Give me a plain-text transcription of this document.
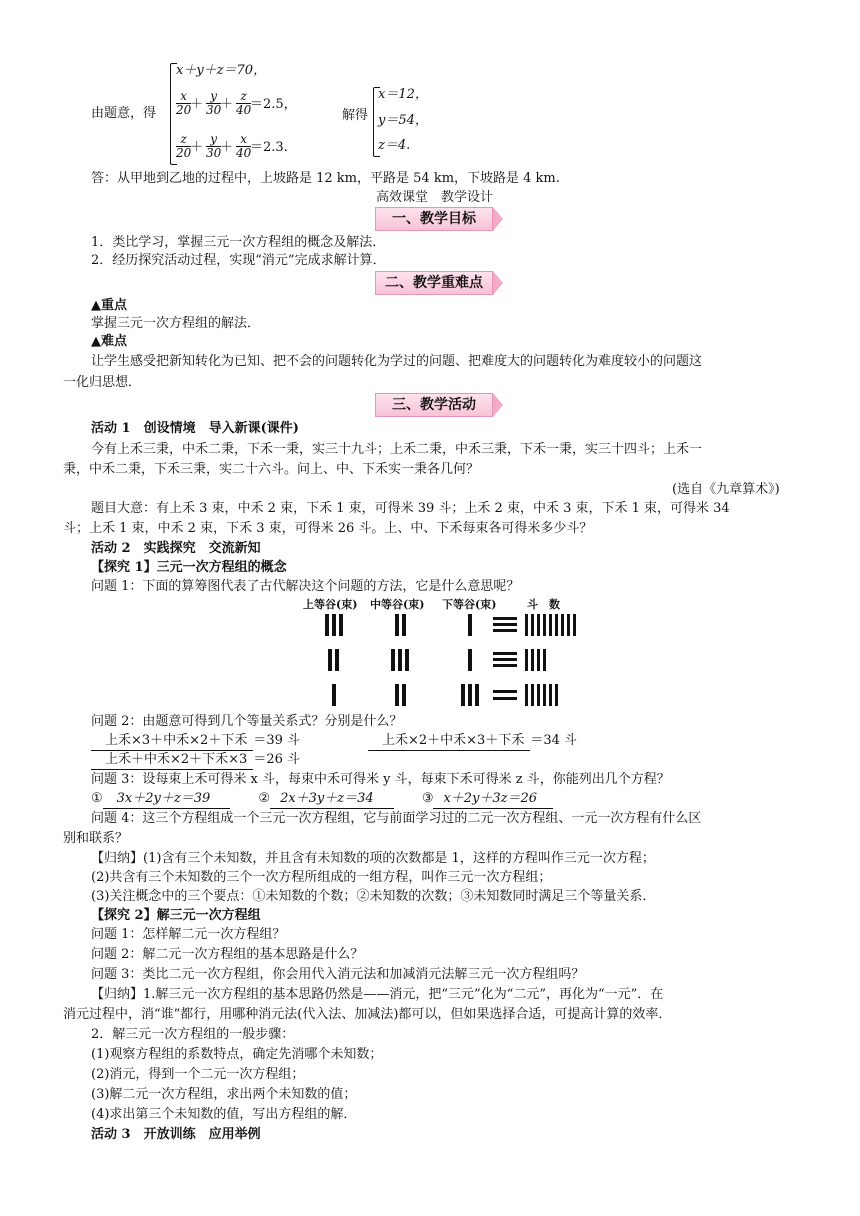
由题意，得
x＋y＋z＝70，
$\frac{x}{20}$
＋ $\frac{y}{30}$
＋ $\frac{z}{40}$
＝2.5，
$\frac{z}{20}$
＋ $\frac{y}{30}$
＋ $\frac{x}{40}$
＝2.3.
解得
x＝12，
y＝54，
z＝4.
答：从甲地到乙地的过程中，上坡路是 12 km，平路是 54 km，下坡路是 4 km.
高效课堂　教学设计
一、教学目标
1．类比学习，掌握三元一次方程组的概念及解法．
2．经历探究活动过程，实现“消元”完成求解计算．
二、教学重难点
▲重点
掌握三元一次方程组的解法．
▲难点
让学生感受把新知转化为已知、把不会的问题转化为学过的问题、把难度大的问题转化为难度较小的问题这
一化归思想．
三、教学活动
活动 1　创设情境　导入新课(课件)
今有上禾三秉，中禾二秉，下禾一秉，实三十九斗；上禾二秉，中禾三秉，下禾一秉，实三十四斗；上禾一
秉，中禾二秉，下禾三秉，实二十六斗。问上、中、下禾实一秉各几何？
(选自《九章算术》)
题目大意：有上禾 3 束，中禾 2 束，下禾 1 束，可得米 39 斗；上禾 2 束，中禾 3 束，下禾 1 束，可得米 34
斗；上禾 1 束，中禾 2 束，下禾 3 束，可得米 26 斗。上、中、下禾每束各可得米多少斗？
活动 2　实践探究　交流新知
【探究 1】三元一次方程组的概念
问题 1：下面的算筹图代表了古代解决这个问题的方法，它是什么意思呢？
上等谷(束) 中等谷(束) 下等谷(束)	斗　数
问题 2：由题意可得到几个等量关系式？分别是什么？
上禾×3＋中禾×2＋下禾 ＝39 斗	上禾×2＋中禾×3＋下禾 ＝34 斗
上禾＋中禾×2＋下禾×3 ＝26 斗
问题 3：设每束上禾可得米 x 斗，每束中禾可得米 y 斗，每束下禾可得米 z 斗，你能列出几个方程？
① 3x＋2y＋z＝39	② 2x＋3y＋z＝34	③ x＋2y＋3z＝26
问题 4：这三个方程组成一个三元一次方程组，它与前面学习过的二元一次方程组、一元一次方程有什么区
别和联系？
【归纳】(1)含有三个未知数，并且含有未知数的项的次数都是 1，这样的方程叫作三元一次方程；
(2)共含有三个未知数的三个一次方程所组成的一组方程，叫作三元一次方程组；
(3)关注概念中的三个要点：①未知数的个数；②未知数的次数；③未知数同时满足三个等量关系．
【探究 2】解三元一次方程组
问题 1：怎样解二元一次方程组？
问题 2：解二元一次方程组的基本思路是什么？
问题 3：类比二元一次方程组，你会用代入消元法和加减消元法解三元一次方程组吗？
【归纳】1.解三元一次方程组的基本思路仍然是——消元，把“三元”化为“二元”，再化为“一元”．在
消元过程中，消“谁”都行，用哪种消元法(代入法、加减法)都可以，但如果选择合适，可提高计算的效率．
2．解三元一次方程组的一般步骤：
(1)观察方程组的系数特点，确定先消哪个未知数；
(2)消元，得到一个二元一次方程组；
(3)解二元一次方程组，求出两个未知数的值；
(4)求出第三个未知数的值，写出方程组的解．
活动 3　开放训练　应用举例
